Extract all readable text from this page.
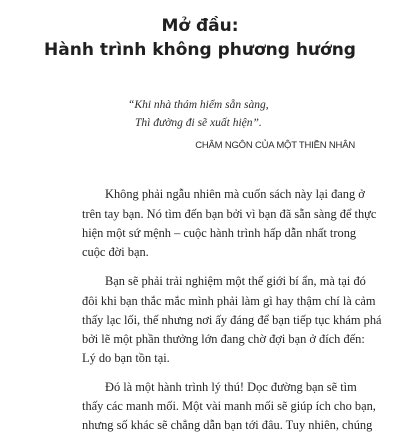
Mở đầu:
Hành trình không phương hướng
“Khi nhà thám hiểm sẵn sàng,
Thì đường đi sẽ xuất hiện”.
CHÂM NGÔN CỦA MỘT THIỀN NHÂN
Không phải ngẫu nhiên mà cuốn sách này lại đang ở
trên tay bạn. Nó tìm đến bạn bởi vì bạn đã sẵn sàng để thực
hiện một sứ mệnh – cuộc hành trình hấp dẫn nhất trong
cuộc đời bạn.
Bạn sẽ phải trải nghiệm một thế giới bí ẩn, mà tại đó
đôi khi bạn thắc mắc mình phải làm gì hay thậm chí là cảm
thấy lạc lối, thế nhưng nơi ấy đáng để bạn tiếp tục khám phá
bởi lẽ một phần thưởng lớn đang chờ đợi bạn ở đích đến:
Lý do bạn tồn tại.
Đó là một hành trình lý thú! Dọc đường bạn sẽ tìm
thấy các manh mối. Một vài manh mối sẽ giúp ích cho bạn,
nhưng số khác sẽ chẳng dẫn bạn tới đâu. Tuy nhiên, chúng
